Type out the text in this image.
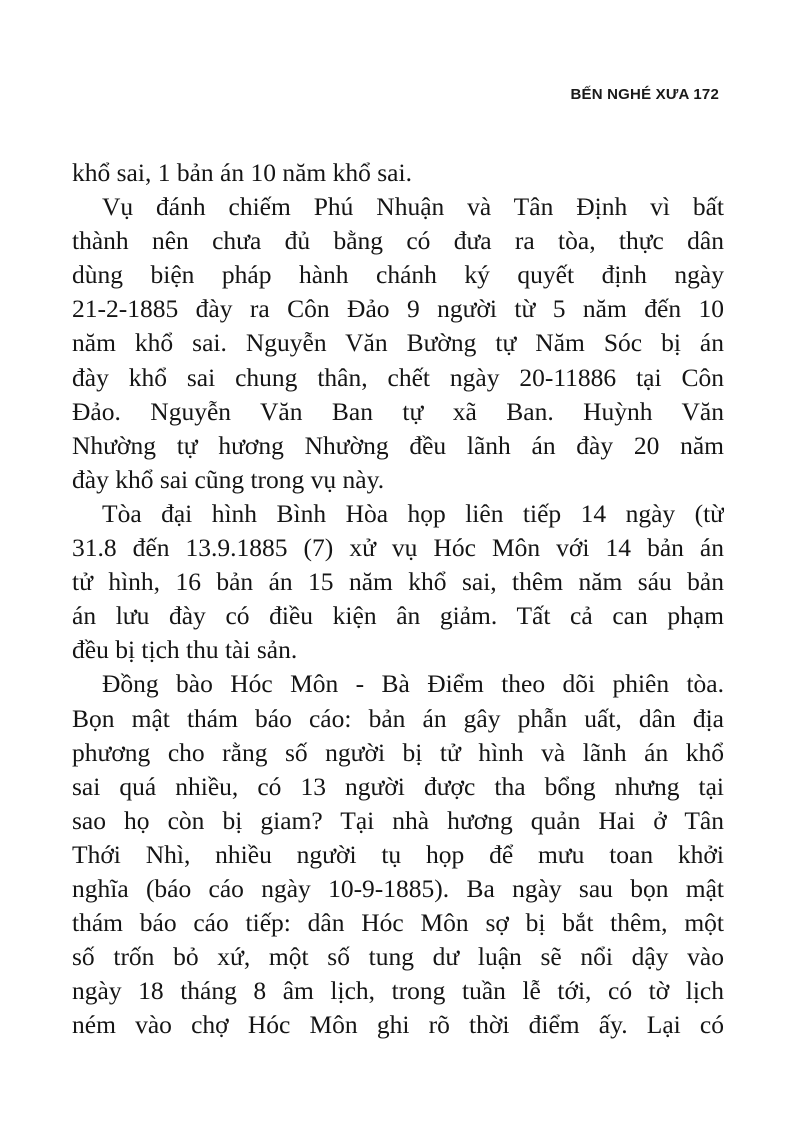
BẾN NGHÉ XƯA 172
khổ sai, 1 bản án 10 năm khổ sai.
Vụ đánh chiếm Phú Nhuận và Tân Định vì bất
thành nên chưa đủ bằng có đưa ra tòa, thực dân
dùng biện pháp hành chánh ký quyết định ngày
21-2-1885 đày ra Côn Đảo 9 người từ 5 năm đến 10
năm khổ sai. Nguyễn Văn Bường tự Năm Sóc bị án
đày khổ sai chung thân, chết ngày 20-11886 tại Côn
Đảo. Nguyễn Văn Ban tự xã Ban. Huỳnh Văn
Nhường tự hương Nhường đều lãnh án đày 20 năm
đày khổ sai cũng trong vụ này.
Tòa đại hình Bình Hòa họp liên tiếp 14 ngày (từ
31.8 đến 13.9.1885 (7) xử vụ Hóc Môn với 14 bản án
tử hình, 16 bản án 15 năm khổ sai, thêm năm sáu bản
án lưu đày có điều kiện ân giảm. Tất cả can phạm
đều bị tịch thu tài sản.
Đồng bào Hóc Môn - Bà Điểm theo dõi phiên tòa.
Bọn mật thám báo cáo: bản án gây phẫn uất, dân địa
phương cho rằng số người bị tử hình và lãnh án khổ
sai quá nhiều, có 13 người được tha bổng nhưng tại
sao họ còn bị giam? Tại nhà hương quản Hai ở Tân
Thới Nhì, nhiều người tụ họp để mưu toan khởi
nghĩa (báo cáo ngày 10-9-1885). Ba ngày sau bọn mật
thám báo cáo tiếp: dân Hóc Môn sợ bị bắt thêm, một
số trốn bỏ xứ, một số tung dư luận sẽ nổi dậy vào
ngày 18 tháng 8 âm lịch, trong tuần lễ tới, có tờ lịch
ném vào chợ Hóc Môn ghi rõ thời điểm ấy. Lại có
